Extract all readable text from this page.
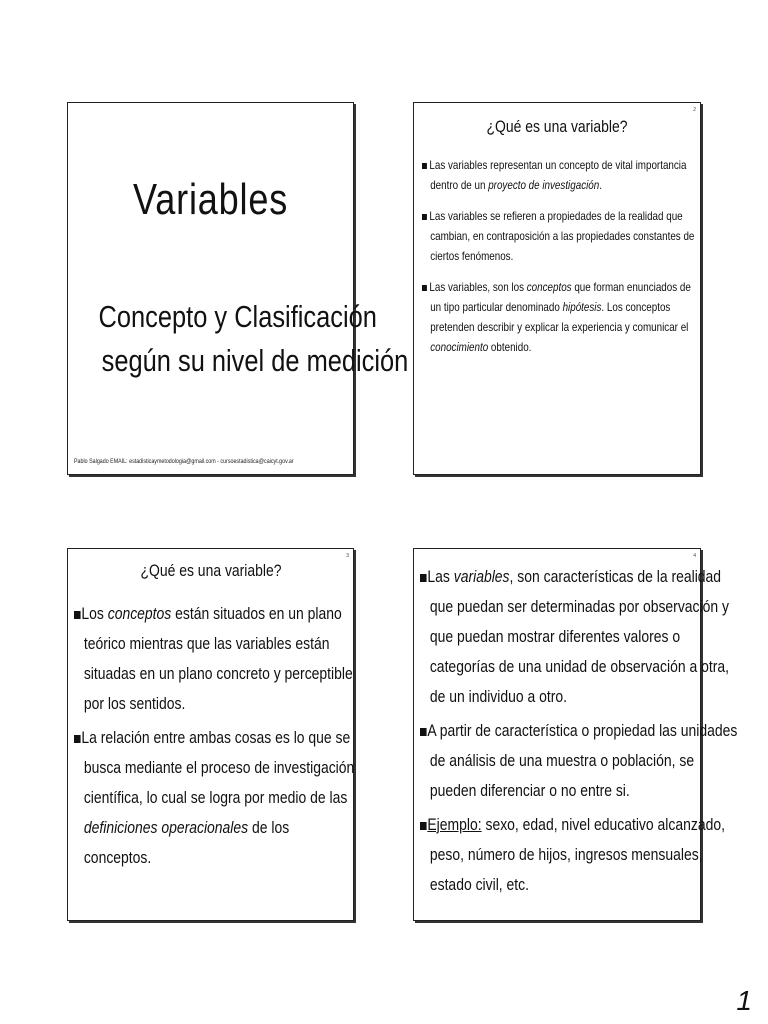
Variables
Concepto y Clasificación
según su nivel de medición
Pablo Salgado EMAIL: estadisticaymetodologia@gmail.com - cursoestadistica@caicyt.gov.ar
2
¿Qué es una variable?
Las variables representan un concepto de vital importancia
dentro de un proyecto de investigación.
Las variables se refieren a propiedades de la realidad que
cambian, en contraposición a las propiedades constantes de
ciertos fenómenos.
Las variables, son los conceptos que forman enunciados de
un tipo particular denominado hipótesis. Los conceptos
pretenden describir y explicar la experiencia y comunicar el
conocimiento obtenido.
3
¿Qué es una variable?
Los conceptos están situados en un plano
teórico mientras que las variables están
situadas en un plano concreto y perceptible
por los sentidos.
La relación entre ambas cosas es lo que se
busca mediante el proceso de investigación
científica, lo cual se logra por medio de las
definiciones operacionales de los
conceptos.
4
Las variables, son características de la realidad
que puedan ser determinadas por observación y
que puedan mostrar diferentes valores o
categorías de una unidad de observación a otra,
de un individuo a otro.
A partir de característica o propiedad las unidades
de análisis de una muestra o población, se
pueden diferenciar o no entre si.
Ejemplo: sexo, edad, nivel educativo alcanzado,
peso, número de hijos, ingresos mensuales,
estado civil, etc.
1
